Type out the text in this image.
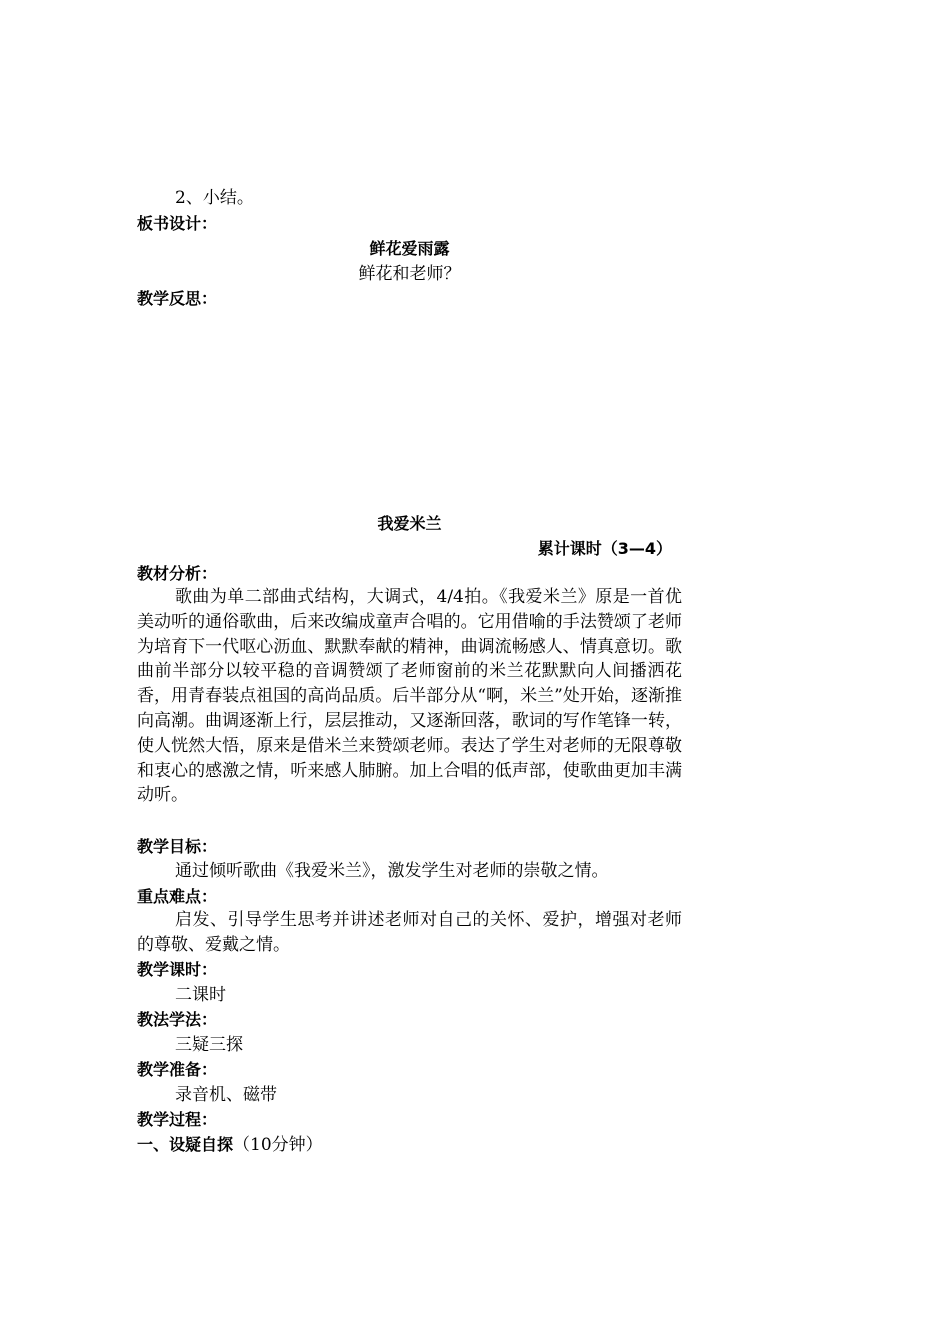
2、小结。
板书设计：
鲜花爱雨露
鲜花和老师？
教学反思：
我爱米兰
累计课时（3—4）
教材分析：
歌曲为单二部曲式结构，大调式，4/4拍。《我爱米兰》原是一首优美动听的通俗歌曲，后来改编成童声合唱的。它用借喻的手法赞颂了老师为培育下一代呕心沥血、默默奉献的精神，曲调流畅感人、情真意切。歌曲前半部分以较平稳的音调赞颂了老师窗前的米兰花默默向人间播洒花香，用青春装点祖国的高尚品质。后半部分从“啊，米兰”处开始，逐渐推向高潮。曲调逐渐上行，层层推动，又逐渐回落，歌词的写作笔锋一转，使人恍然大悟，原来是借米兰来赞颂老师。表达了学生对老师的无限尊敬和衷心的感激之情，听来感人肺腑。加上合唱的低声部，使歌曲更加丰满动听。
教学目标：
通过倾听歌曲《我爱米兰》，激发学生对老师的崇敬之情。
重点难点：
启发、引导学生思考并讲述老师对自己的关怀、爱护，增强对老师的尊敬、爱戴之情。
教学课时：
二课时
教法学法：
三疑三探
教学准备：
录音机、磁带
教学过程：
一、设疑自探（10分钟）
